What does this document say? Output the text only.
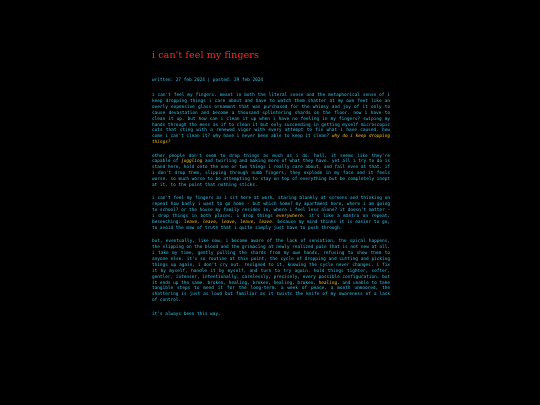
i can't feel my fingers
written: 27 feb 2024 | posted: 29 feb 2024

i can't feel my fingers. meant in both the literal sense and the metaphorical sense of i keep dropping things i care about and have to watch them shatter at my own feet like an overly expensive glass ornament that was purchased for the whimsy and joy of it only to cause devastation and become a thousand splintering shards on the floor. now i have to clean it up. but how can i clean it up when i have no feeling in my fingers? swiping my hands through the mess as if to clean it but only succeeding in getting myself microscopic cuts that sting with a renewed vigor with every attempt to fix what i have caused. how come i can't clean it? why have i never been able to keep it clean? why do i keep dropping things?

other people don't seem to drop things as much as i do. hell, it seems like they're capable of juggling and twirling and making more of what they have. yet all i try to do is stand here, hold onto the one or two things i really care about, and fail even at that. if i don't drop them, slipping through numb fingers, they explode in my face and it feels worse. so much worse to be attempting to stay on top of everything but be completely inept at it, to the point that nothing sticks.

i can't feel my fingers as i sit here at work, staring blankly at screens and thinking on repeat how badly i want to go home - but which home? my apartment here, where i am going to school? or the house my family resides in, where i feel less alone? it doesn't matter - i drop things in both places; i drop things everywhere. it's like a mantra on repeat, beseeching: leave, leave, leave, leave, leave. because my mind thinks it is easier to go, to avoid the maw of truth that i quite simply just have to push through.

but, eventually, like now, i become aware of the lack of sensation, the spiral happens, the slipping on the blood and the grimacing at newly realized pain that is not new at all. i take my time, gently pulling the shards from my own hands, refusing to show them to anyone else. it's so routine at this point, the cycle of dropping and cutting and picking things up again, i don't cry out. resigned to it, knowing the cycle never changes. i fix it by myself, handle it by myself, and turn to try again. hold things tighter, softer, gentler, intenser, intentionally, carelessly, precisely, every possible configuration, but it ends up the same. broken, healing, broken, healing, broken, healing, and unable to take tangible steps to mend it for the long-term. a week of peace, a month unmoored, the shattering is just as loud but familiar as it twists the knife of my awareness of a lack of control.

it's always been this way.
